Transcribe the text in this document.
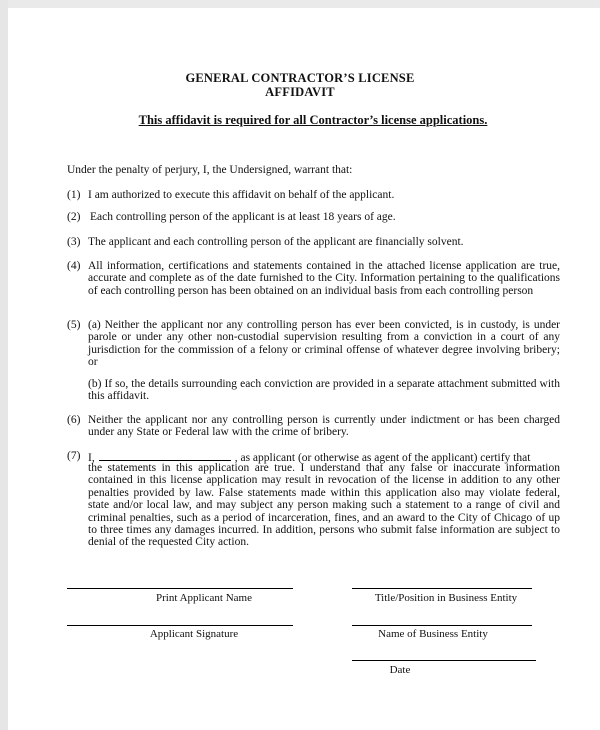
GENERAL CONTRACTOR’S LICENSE
AFFIDAVIT
This affidavit is required for all Contractor’s license applications.
Under the penalty of perjury, I, the Undersigned, warrant that:
(1) I am authorized to execute this affidavit on behalf of the applicant.
(2) Each controlling person of the applicant is at least 18 years of age.
(3) The applicant and each controlling person of the applicant are financially solvent.
(4) All information, certifications and statements contained in the attached license application are true, accurate and complete as of the date furnished to the City. Information pertaining to the qualifications of each controlling person has been obtained on an individual basis from each controlling person
(5) (a) Neither the applicant nor any controlling person has ever been convicted, is in custody, is under parole or under any other non-custodial supervision resulting from a conviction in a court of any jurisdiction for the commission of a felony or criminal offense of whatever degree involving bribery; or
(b) If so, the details surrounding each conviction are provided in a separate attachment submitted with this affidavit.
(6) Neither the applicant nor any controlling person is currently under indictment or has been charged under any State or Federal law with the crime of bribery.
(7) I,	, as applicant (or otherwise as agent of the applicant) certify that
the statements in this application are true. I understand that any false or inaccurate information contained in this license application may result in revocation of the license in addition to any other penalties provided by law. False statements made within this application also may violate federal, state and/or local law, and may subject any person making such a statement to a range of civil and criminal penalties, such as a period of incarceration, fines, and an award to the City of Chicago of up to three times any damages incurred. In addition, persons who submit false information are subject to denial of the requested City action.
Print Applicant Name	Title/Position in Business Entity
Applicant Signature	Name of Business Entity
Date
